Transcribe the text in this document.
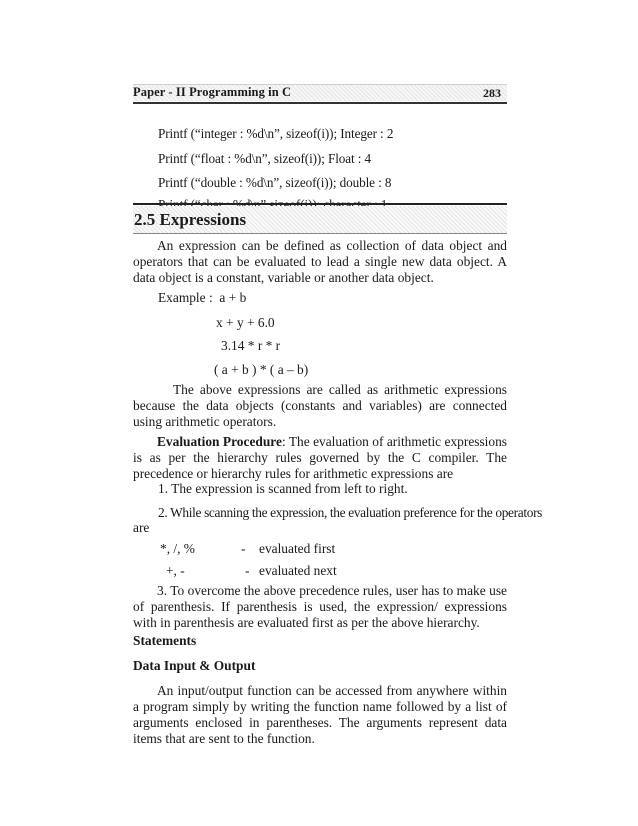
Paper - II Programming in C	283
Printf (“integer : %d\n”, sizeof(i)); Integer : 2
Printf (“float : %d\n”, sizeof(i)); Float : 4
Printf (“double : %d\n”, sizeof(i)); double : 8
2.5 Expressions

An expression can be defined as collection of data object and operators that can be evaluated to lead a single new data object. A data object is a constant, variable or another data object.

Example : a + b
x + y + 6.0
3.14 * r * r
( a + b ) * ( a – b)

The above expressions are called as arithmetic expressions because the data objects (constants and variables) are connected using arithmetic operators.

Evaluation Procedure: The evaluation of arithmetic expressions is as per the hierarchy rules governed by the C compiler. The precedence or hierarchy rules for arithmetic expressions are

1. The expression is scanned from left to right.
2. While scanning the expression, the evaluation preference for the operators
are
*, /, %	- evaluated first
+, -	- evaluated next

3. To overcome the above precedence rules, user has to make use of parenthesis. If parenthesis is used, the expression/ expressions with in parenthesis are evaluated first as per the above hierarchy.

Statements
Data Input & Output

An input/output function can be accessed from anywhere within a program simply by writing the function name followed by a list of arguments enclosed in parentheses. The arguments represent data items that are sent to the function.
